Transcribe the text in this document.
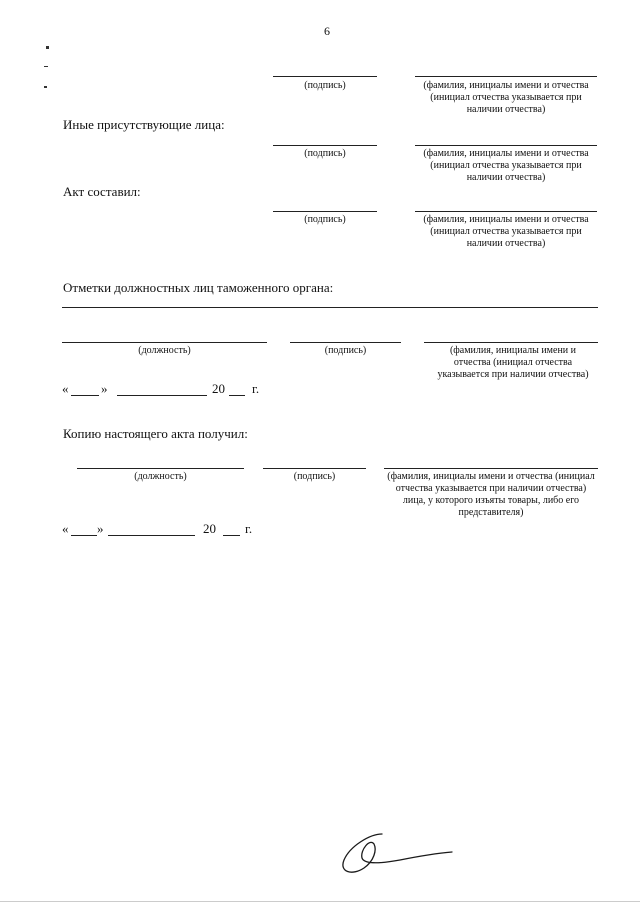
6
(подпись)	(фамилия, инициалы имени и отчества (инициал отчества указывается при наличии отчества)
Иные присутствующие лица:
(подпись)	(фамилия, инициалы имени и отчества (инициал отчества указывается при наличии отчества)
Акт составил:
(подпись)	(фамилия, инициалы имени и отчества (инициал отчества указывается при наличии отчества)
Отметки должностных лиц таможенного органа:
(должность)	(подпись)	(фамилия, инициалы имени и отчества (инициал отчества указывается при наличии отчества)
«	»	20 г.
Копию настоящего акта получил:
(должность)	(подпись)	(фамилия, инициалы имени и отчества (инициал отчества указывается при наличии отчества) лица, у которого изъяты товары, либо его представителя)
« »	20 г.
